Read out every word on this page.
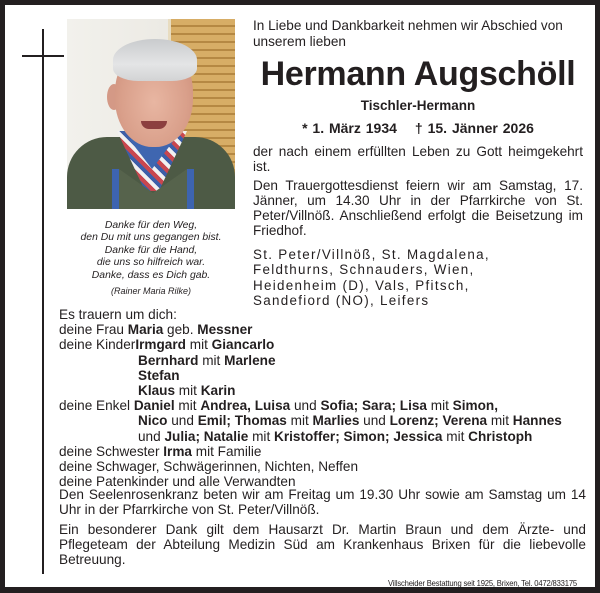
Danke für den Weg,
den Du mit uns gegangen bist.
Danke für die Hand,
die uns so hilfreich war.
Danke, dass es Dich gab.
(Rainer Maria Rilke)
In Liebe und Dankbarkeit nehmen wir Abschied von unserem lieben
Hermann Augschöll
Tischler-Hermann
* 1. März 1934 † 15. Jänner 2026
der nach einem erfüllten Leben zu Gott heimgekehrt ist.
Den Trauergottesdienst feiern wir am Samstag, 17. Jänner, um 14.30 Uhr in der Pfarrkirche von St. Peter/Villnöß. Anschließend erfolgt die Beisetzung im Friedhof.
St. Peter/Villnöß, St. Magdalena,
Feldthurns, Schnauders, Wien,
Heidenheim (D), Vals, Pfitsch,
Sandefiord (NO), Leifers
Es trauern um dich:
deine Frau Maria geb. Messner
deine KinderIrmgard mit Giancarlo
Bernhard mit Marlene
Stefan
Klaus mit Karin
deine Enkel Daniel mit Andrea, Luisa und Sofia; Sara; Lisa mit Simon,
Nico und Emil; Thomas mit Marlies und Lorenz; Verena mit Hannes
und Julia; Natalie mit Kristoffer; Simon; Jessica mit Christoph
deine Schwester Irma mit Familie
deine Schwager, Schwägerinnen, Nichten, Neffen
deine Patenkinder und alle Verwandten
Den Seelenrosenkranz beten wir am Freitag um 19.30 Uhr sowie am Samstag um 14 Uhr in der Pfarrkirche von St. Peter/Villnöß.
Ein besonderer Dank gilt dem Hausarzt Dr. Martin Braun und dem Ärzte- und Pflegeteam der Abteilung Medizin Süd am Krankenhaus Brixen für die liebevolle Betreuung.
Villscheider Bestattung seit 1925, Brixen, Tel. 0472/833175
